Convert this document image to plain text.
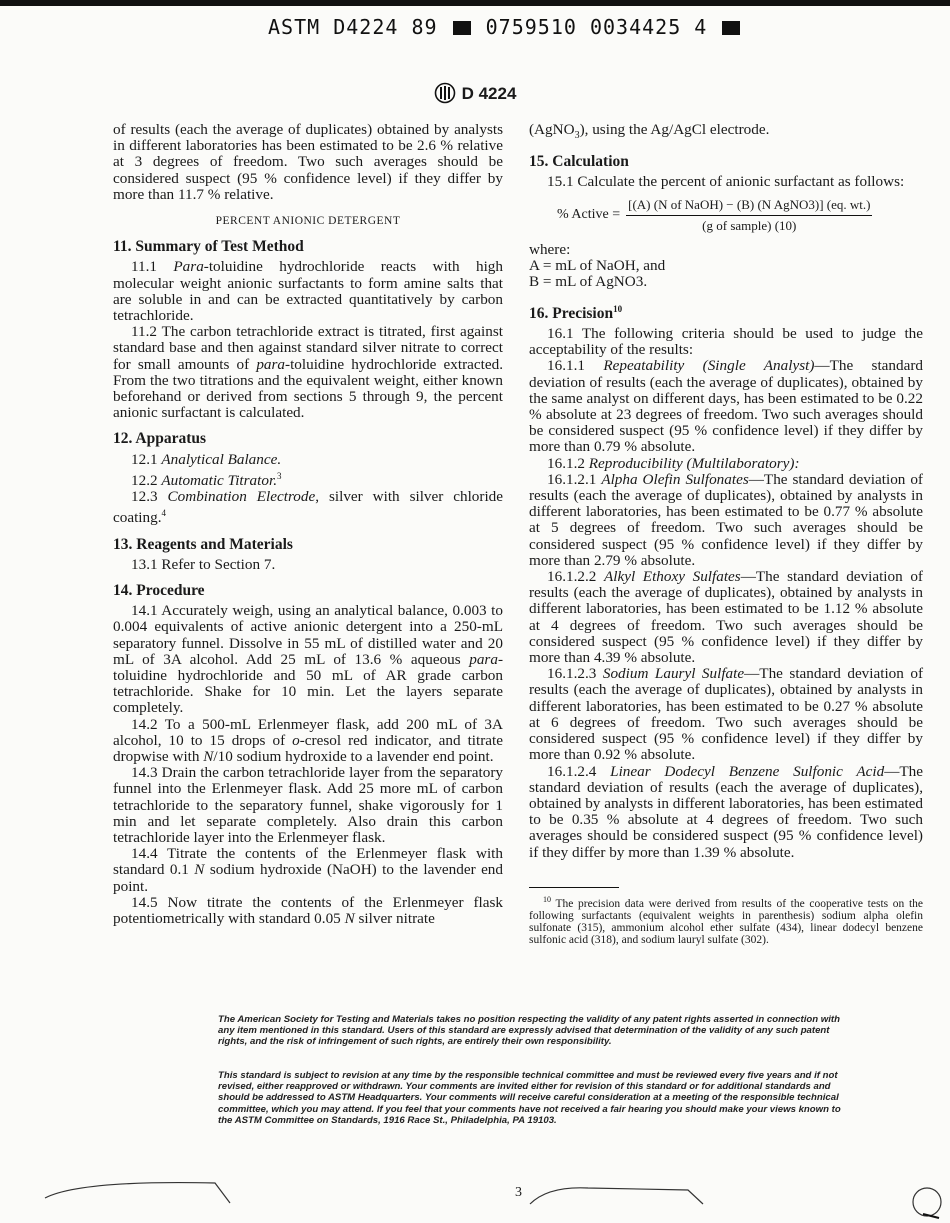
ASTM D4224 89 0759510 0034425 4
D 4224

of results (each the average of duplicates) obtained by analysts in different laboratories has been estimated to be 2.6 % relative at 3 degrees of freedom. Two such averages should be considered suspect (95 % confidence level) if they differ by more than 11.7 % relative.

PERCENT ANIONIC DETERGENT

11. Summary of Test Method

11.1 Para-toluidine hydrochloride reacts with high molecular weight anionic surfactants to form amine salts that are soluble in and can be extracted quantitatively by carbon tetrachloride.

11.2 The carbon tetrachloride extract is titrated, first against standard base and then against standard silver nitrate to correct for small amounts of para-toluidine hydrochloride extracted. From the two titrations and the equivalent weight, either known beforehand or derived from sections 5 through 9, the percent anionic surfactant is calculated.

12. Apparatus

12.1 Analytical Balance.

12.2 Automatic Titrator.$^3$

12.3 Combination Electrode, silver with silver chloride coating.$^4$

13. Reagents and Materials

13.1 Refer to Section 7.

14. Procedure

14.1 Accurately weigh, using an analytical balance, 0.003 to 0.004 equivalents of active anionic detergent into a 250-mL separatory funnel. Dissolve in 55 mL of distilled water and 20 mL of 3A alcohol. Add 25 mL of 13.6 % aqueous para-toluidine hydrochloride and 50 mL of AR grade carbon tetrachloride. Shake for 10 min. Let the layers separate completely.

14.2 To a 500-mL Erlenmeyer flask, add 200 mL of 3A alcohol, 10 to 15 drops of o-cresol red indicator, and titrate dropwise with N/10 sodium hydroxide to a lavender end point.

14.3 Drain the carbon tetrachloride layer from the separatory funnel into the Erlenmeyer flask. Add 25 more mL of carbon tetrachloride to the separatory funnel, shake vigorously for 1 min and let separate completely. Also drain this carbon tetrachloride layer into the Erlenmeyer flask.

14.4 Titrate the contents of the Erlenmeyer flask with standard 0.1 N sodium hydroxide (NaOH) to the lavender end point.

14.5 Now titrate the contents of the Erlenmeyer flask potentiometrically with standard 0.05 N silver nitrate

(AgNO$_3$), using the Ag/AgCl electrode.

15. Calculation

15.1 Calculate the percent of anionic surfactant as follows:

% Active = $\frac{\text{[(A) (N of NaOH) − (B) (N AgNO3)] (eq. wt.)}}{\text{(g of sample) (10)}}$

where:

A = mL of NaOH, and

B = mL of AgNO3.

16. Precision$^{10}$

16.1 The following criteria should be used to judge the acceptability of the results:

16.1.1 Repeatability (Single Analyst)—The standard deviation of results (each the average of duplicates), obtained by the same analyst on different days, has been estimated to be 0.22 % absolute at 23 degrees of freedom. Two such averages should be considered suspect (95 % confidence level) if they differ by more than 0.79 % absolute.

16.1.2 Reproducibility (Multilaboratory):

16.1.2.1 Alpha Olefin Sulfonates—The standard deviation of results (each the average of duplicates), obtained by analysts in different laboratories, has been estimated to be 0.77 % absolute at 5 degrees of freedom. Two such averages should be considered suspect (95 % confidence level) if they differ by more than 2.79 % absolute.

16.1.2.2 Alkyl Ethoxy Sulfates—The standard deviation of results (each the average of duplicates), obtained by analysts in different laboratories, has been estimated to be 1.12 % absolute at 4 degrees of freedom. Two such averages should be considered suspect (95 % confidence level) if they differ by more than 4.39 % absolute.

16.1.2.3 Sodium Lauryl Sulfate—The standard deviation of results (each the average of duplicates), obtained by analysts in different laboratories, has been estimated to be 0.27 % absolute at 6 degrees of freedom. Two such averages should be considered suspect (95 % confidence level) if they differ by more than 0.92 % absolute.

16.1.2.4 Linear Dodecyl Benzene Sulfonic Acid—The standard deviation of results (each the average of duplicates), obtained by analysts in different laboratories, has been estimated to be 0.35 % absolute at 4 degrees of freedom. Two such averages should be considered suspect (95 % confidence level) if they differ by more than 1.39 % absolute.

$^{10}$ The precision data were derived from results of the cooperative tests on the following surfactants (equivalent weights in parenthesis) sodium alpha olefin sulfonate (315), ammonium alcohol ether sulfate (434), linear dodecyl benzene sulfonic acid (318), and sodium lauryl sulfate (302).

The American Society for Testing and Materials takes no position respecting the validity of any patent rights asserted in connection with any item mentioned in this standard. Users of this standard are expressly advised that determination of the validity of any such patent rights, and the risk of infringement of such rights, are entirely their own responsibility.

This standard is subject to revision at any time by the responsible technical committee and must be reviewed every five years and if not revised, either reapproved or withdrawn. Your comments are invited either for revision of this standard or for additional standards and should be addressed to ASTM Headquarters. Your comments will receive careful consideration at a meeting of the responsible technical committee, which you may attend. If you feel that your comments have not received a fair hearing you should make your views known to the ASTM Committee on Standards, 1916 Race St., Philadelphia, PA 19103.

3
